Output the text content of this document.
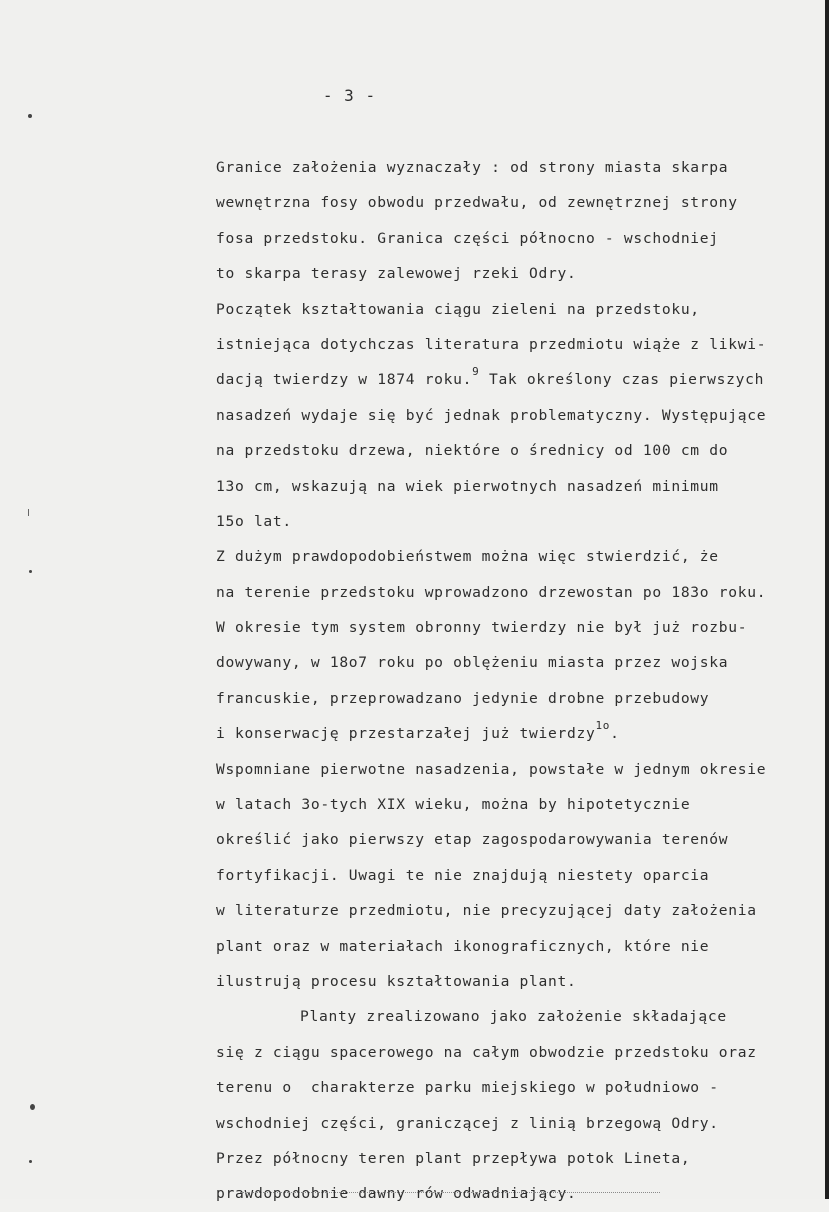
- 3 -
Granice założenia wyznaczały : od strony miasta skarpa
wewnętrzna fosy obwodu przedwału, od zewnętrznej strony
fosa przedstoku. Granica części północno - wschodniej
to skarpa terasy zalewowej rzeki Odry.
Początek kształtowania ciągu zieleni na przedstoku,
istniejąca dotychczas literatura przedmiotu wiąże z likwi-
dacją twierdzy w 1874 roku.$^9$ Tak określony czas pierwszych
nasadzeń wydaje się być jednak problematyczny. Występujące
na przedstoku drzewa, niektóre o średnicy od 100 cm do
13o cm, wskazują na wiek pierwotnych nasadzeń minimum
15o lat.
Z dużym prawdopodobieństwem można więc stwierdzić, że
na terenie przedstoku wprowadzono drzewostan po 183o roku.
W okresie tym system obronny twierdzy nie był już rozbu-
dowywany, w 18o7 roku po oblężeniu miasta przez wojska
francuskie, przeprowadzano jedynie drobne przebudowy
i konserwację przestarzałej już twierdzy$^{1o}$.
Wspomniane pierwotne nasadzenia, powstałe w jednym okresie
w latach 3o-tych XIX wieku, można by hipotetycznie
określić jako pierwszy etap zagospodarowywania terenów
fortyfikacji. Uwagi te nie znajdują niestety oparcia
w literaturze przedmiotu, nie precyzującej daty założenia
plant oraz w materiałach ikonograficznych, które nie
ilustrują procesu kształtowania plant.
Planty zrealizowano jako założenie składające
się z ciągu spacerowego na całym obwodzie przedstoku oraz
terenu o  charakterze parku miejskiego w południowo -
wschodniej części, graniczącej z linią brzegową Odry.
Przez północny teren plant przepływa potok Lineta,
prawdopodobnie dawny rów odwadniający.
